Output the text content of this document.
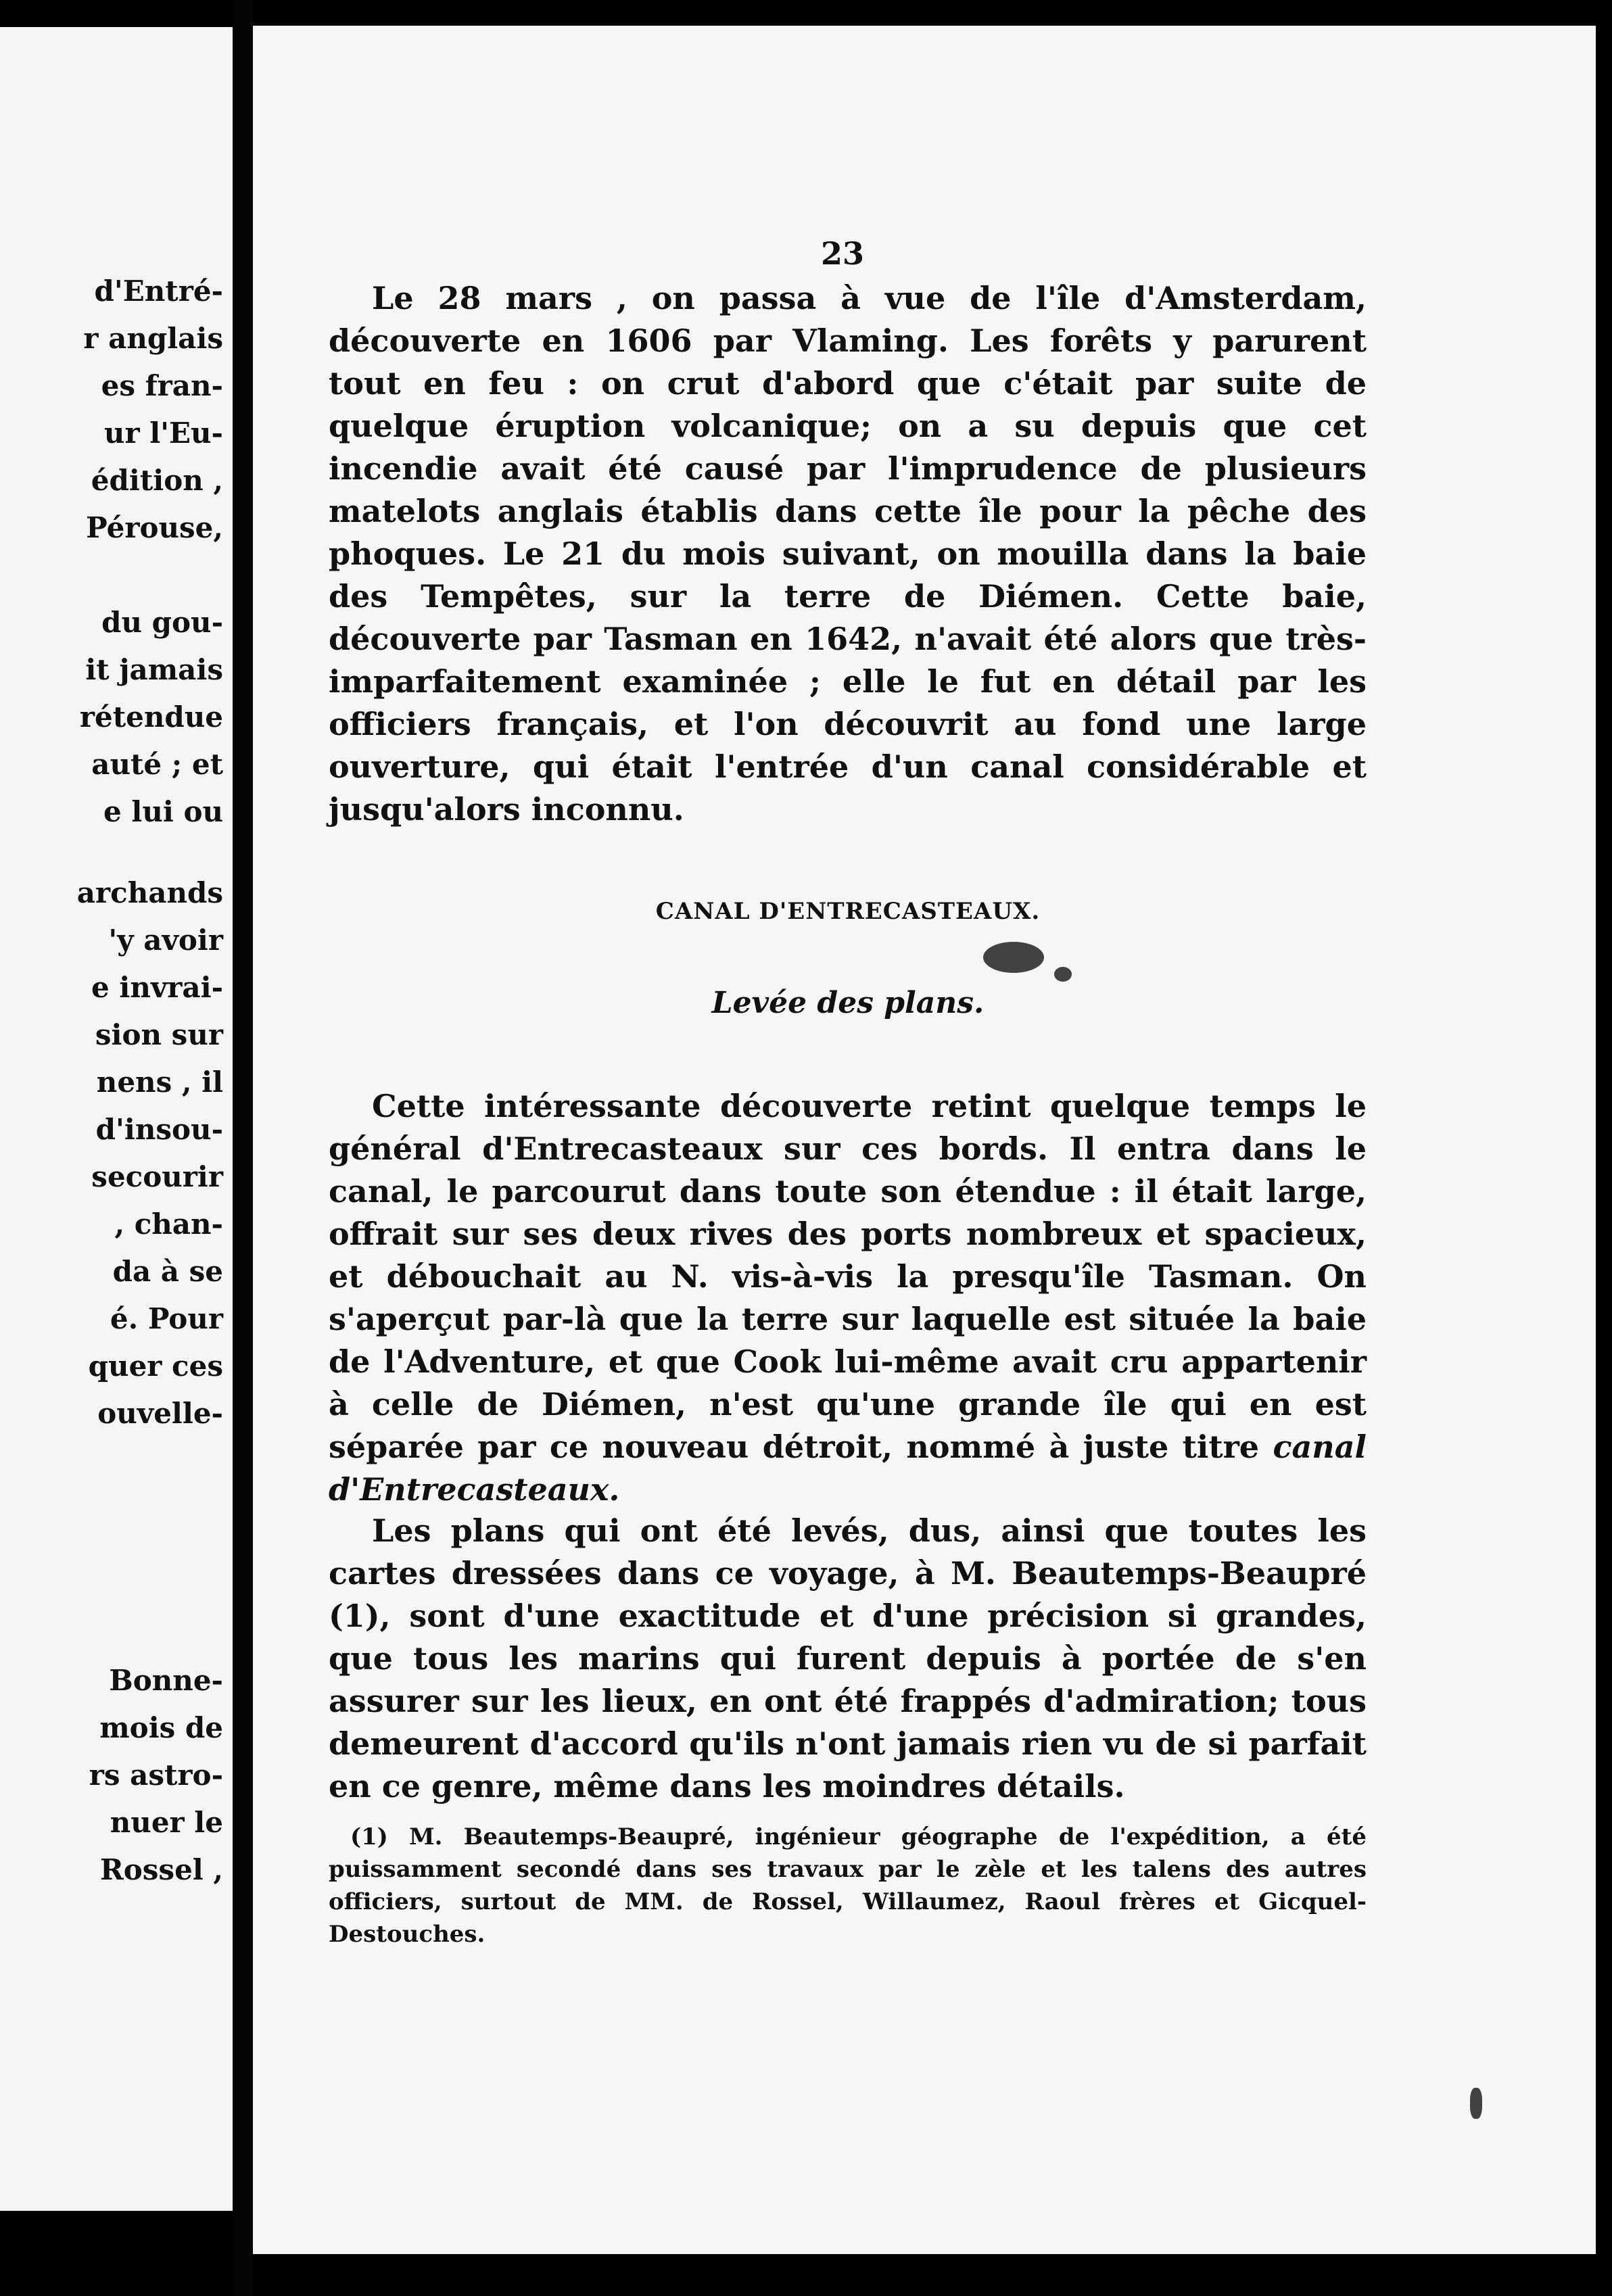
d'Entré-
r anglais
es fran-
ur l'Eu-
édition ,
Pérouse,
du gou-
it jamais
rétendue
auté ; et
e lui ou
archands
'y avoir
e invrai-
sion sur
nens , il
d'insou-
secourir
, chan-
da à se
é. Pour
quer ces
ouvelle-
Bonne-
mois de
rs astro-
nuer le
Rossel ,
23

Le 28 mars , on passa à vue de l'île d'Amsterdam, découverte en 1606 par Vlaming. Les forêts y parurent tout en feu : on crut d'abord que c'était par suite de quelque éruption volcanique; on a su depuis que cet incendie avait été causé par l'imprudence de plusieurs matelots anglais établis dans cette île pour la pêche des phoques. Le 21 du mois suivant, on mouilla dans la baie des Tempêtes, sur la terre de Diémen. Cette baie, découverte par Tasman en 1642, n'avait été alors que très-imparfaitement examinée ; elle le fut en détail par les officiers français, et l'on découvrit au fond une large ouverture, qui était l'entrée d'un canal considérable et jusqu'alors inconnu.

CANAL D'ENTRECASTEAUX.
Levée des plans.

Cette intéressante découverte retint quelque temps le général d'Entrecasteaux sur ces bords. Il entra dans le canal, le parcourut dans toute son étendue : il était large, offrait sur ses deux rives des ports nombreux et spacieux, et débouchait au N. vis-à-vis la presqu'île Tasman. On s'aperçut par-là que la terre sur laquelle est située la baie de l'Adventure, et que Cook lui-même avait cru appartenir à celle de Diémen, n'est qu'une grande île qui en est séparée par ce nouveau détroit, nommé à juste titre canal d'Entrecasteaux.

Les plans qui ont été levés, dus, ainsi que toutes les cartes dressées dans ce voyage, à M. Beautemps-Beaupré (1), sont d'une exactitude et d'une précision si grandes, que tous les marins qui furent depuis à portée de s'en assurer sur les lieux, en ont été frappés d'admiration; tous demeurent d'accord qu'ils n'ont jamais rien vu de si parfait en ce genre, même dans les moindres détails.

(1) M. Beautemps-Beaupré, ingénieur géographe de l'expédition, a été puissamment secondé dans ses travaux par le zèle et les talens des autres officiers, surtout de MM. de Rossel, Willaumez, Raoul frères et Gicquel-Destouches.
